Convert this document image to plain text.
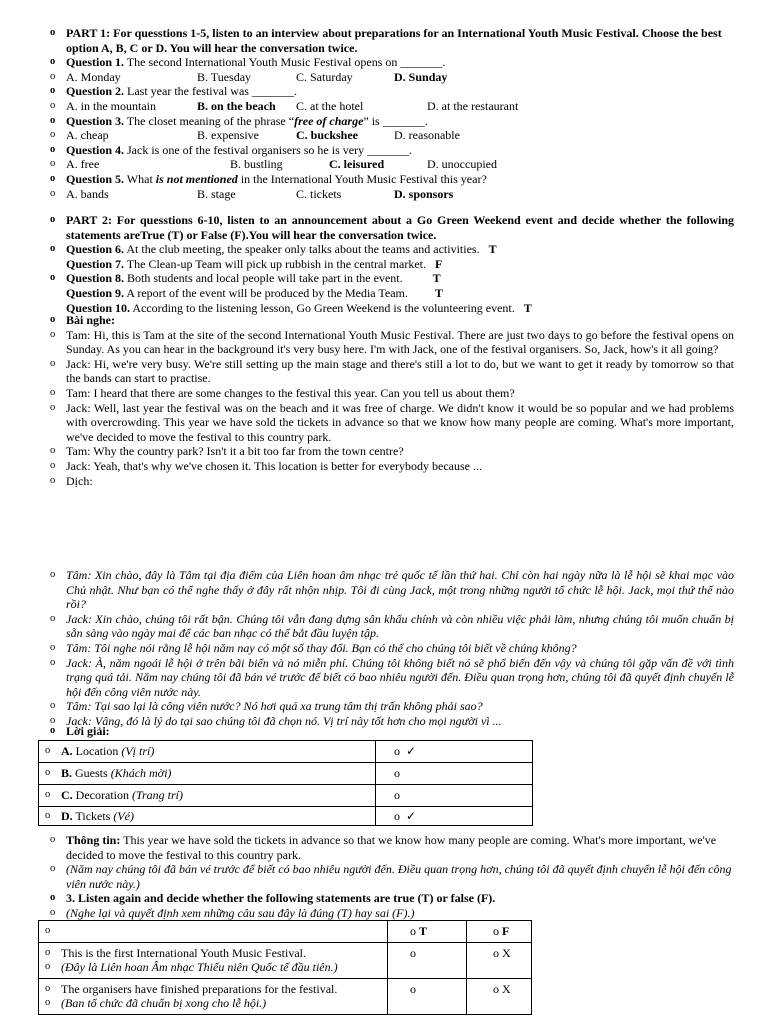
o PART 1: For quesstions 1-5, listen to an interview about preparations for an International Youth Music Festival. Choose the best option A, B, C or D. You will hear the conversation twice.
o Question 1. The second International Youth Music Festival opens on _______.
o A. Monday	B. Tuesday	C. Saturday	D. Sunday
o Question 2. Last year the festival was _______.
o A. in the mountain	B. on the beach C. at the hotel	D. at the restaurant
o Question 3. The closet meaning of the phrase “free of charge” is _______.
o A. cheap	B. expensive	C. buckshee	D. reasonable
o Question 4. Jack is one of the festival organisers so he is very _______.
o A. free	B. bustling	C. leisured	D. unoccupied
o Question 5. What is not mentioned in the International Youth Music Festival this year?
o A. bands	B. stage	C. tickets	D. sponsors
o PART 2: For quesstions 6-10, listen to an announcement about a Go Green Weekend event and decide whether the following statements areTrue (T) or False (F).You will hear the conversation twice.
o Question 6. At the club meeting, the speaker only talks about the teams and activities. T
Question 7. The Clean-up Team will pick up rubbish in the central market. F
o Question 8. Both students and local people will take part in the event.	T
Question 9. A report of the event will be produced by the Media Team. T
Question 10. According to the listening lesson, Go Green Weekend is the volunteering event. T
o Bài nghe:
o Tam: Hi, this is Tam at the site of the second International Youth Music Festival. There are just two days to go before the festival opens on Sunday. As you can hear in the background it's very busy here. I'm with Jack, one of the festival organisers. So, Jack, how's it all going?
o Jack: Hi, we're very busy. We're still setting up the main stage and there's still a lot to do, but we want to get it ready by tomorrow so that the bands can start to practise.
o Tam: I heard that there are some changes to the festival this year. Can you tell us about them?
o Jack: Well, last year the festival was on the beach and it was free of charge. We didn't know it would be so popular and we had problems with overcrowding. This year we have sold the tickets in advance so that we know how many people are coming. What's more important, we've decided to move the festival to this country park.
o Tam: Why the country park? Isn't it a bit too far from the town centre?
o Jack: Yeah, that's why we've chosen it. This location is better for everybody because ...
o Dịch:
o Tâm: Xin chào, đây là Tâm tại địa điểm của Liên hoan âm nhạc trẻ quốc tế lần thứ hai. Chỉ còn hai ngày nữa là lễ hội sẽ khai mạc vào Chủ nhật. Như bạn có thể nghe thấy ở đây rất nhộn nhịp. Tôi đi cùng Jack, một trong những người tổ chức lễ hội. Jack, mọi thứ thế nào rồi?
o Jack: Xin chào, chúng tôi rất bận. Chúng tôi vẫn đang dựng sân khấu chính và còn nhiều việc phải làm, nhưng chúng tôi muốn chuẩn bị sẵn sàng vào ngày mai để các ban nhạc có thể bắt đầu luyện tập.
o Tâm: Tôi nghe nói rằng lễ hội năm nay có một số thay đổi. Bạn có thể cho chúng tôi biết về chúng không?
o Jack: À, năm ngoái lễ hội ở trên bãi biển và nó miễn phí. Chúng tôi không biết nó sẽ phổ biến đến vậy và chúng tôi gặp vấn đề với tình trạng quá tải. Năm nay chúng tôi đã bán vé trước để biết có bao nhiêu người đến. Điều quan trọng hơn, chúng tôi đã quyết định chuyển lễ hội đến công viên nước này.
o Tâm: Tại sao lại là công viên nước? Nó hơi quá xa trung tâm thị trấn không phải sao?
o Jack: Vâng, đó là lý do tại sao chúng tôi đã chọn nó. Vị trí này tốt hơn cho mọi người vì ...
o Lời giải:
o A. Location (Vị trí)	o ✓

o B. Guests (Khách mời)	o

o C. Decoration (Trang trí)	o

o D. Tickets (Vé)	o ✓
o Thông tin: This year we have sold the tickets in advance so that we know how many people are coming. What's more important, we've decided to move the festival to this country park.
o (Năm nay chúng tôi đã bán vé trước để biết có bao nhiêu người đến. Điều quan trọng hơn, chúng tôi đã quyết định chuyển lễ hội đến công viên nước này.)
o 3. Listen again and decide whether the following statements are true (T) or false (F).
o (Nghe lại và quyết định xem những câu sau đây là đúng (T) hay sai (F).)
o	o T	o F

o This is the first International Youth Music Festival.
o (Đây là Liên hoan Âm nhạc Thiếu niên Quốc tế đầu tiên.)	o	o X

o The organisers have finished preparations for the festival.
o (Ban tổ chức đã chuẩn bị xong cho lễ hội.)	o	o X
